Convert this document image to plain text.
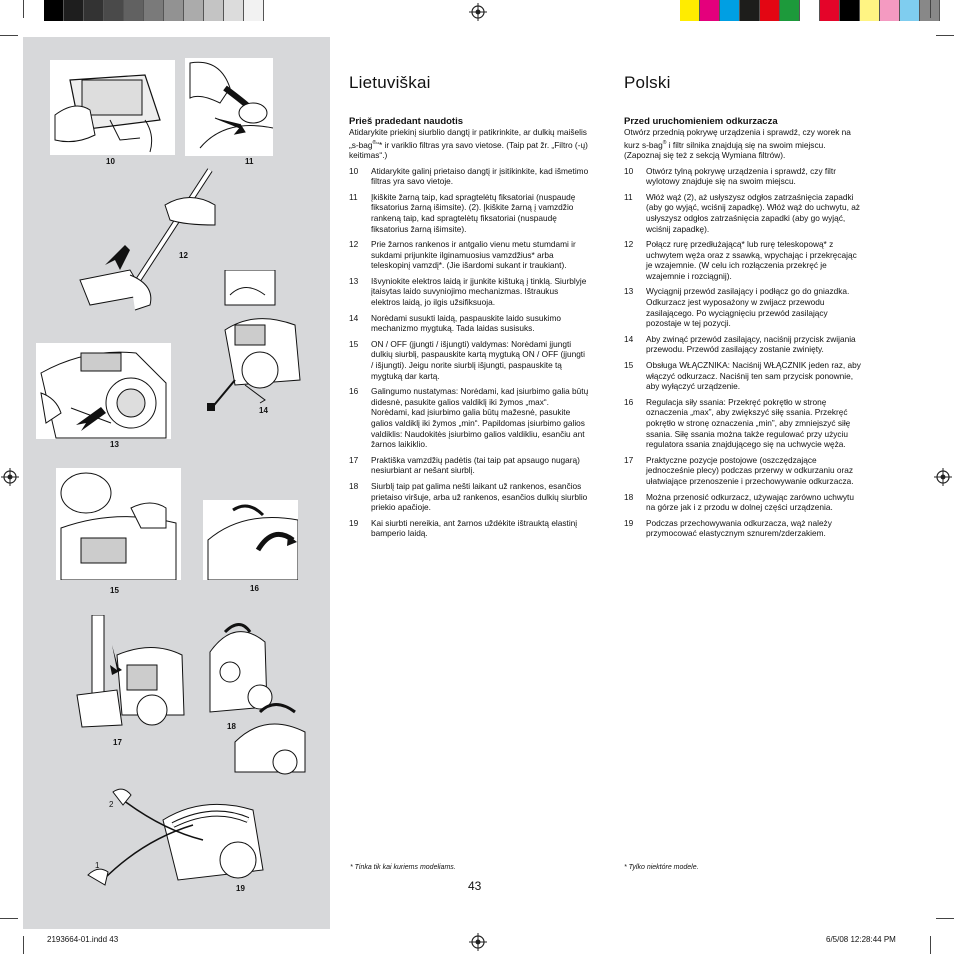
10	11
12
13
14
15	16
17
18
2
1
19
Lietuviškai
Prieš pradedant naudotis

Atidarykite priekinį siurblio dangtį ir patikrinkite, ar dulkių maišelis „s-bag®“* ir variklio filtras yra savo vietose. (Taip pat žr. „Filtro (-ų) keitimas“.)

10	Atidarykite galinį prietaiso dangtį ir įsitikinkite, kad išmetimo filtras yra savo vietoje.
11	Įkiškite žarną taip, kad spragtelėtų fiksatoriai (nuspaudę fiksatorius žarną išimsite). (2). Įkiškite žarną į vamzdžio rankeną taip, kad spragtelėtų fiksatoriai (nuspaudę fiksatorius žarną išimsite).
12	Prie žarnos rankenos ir antgalio vienu metu stumdami ir sukdami prijunkite ilginamuosius vamzdžius* arba teleskopinį vamzdį*. (Jie išardomi sukant ir traukiant).
13	Išvyniokite elektros laidą ir įjunkite kištuką į tinklą. Siurblyje įtaisytas laido suvyniojimo mechanizmas. Ištraukus elektros laidą, jo ilgis užsifiksuoja.
14	Norėdami susukti laidą, paspauskite laido susukimo mechanizmo mygtuką. Tada laidas susisuks.
15	ON / OFF (įjungti / išjungti) valdymas: Norėdami įjungti dulkių siurblį, paspauskite kartą mygtuką ON / OFF (įjungti / išjungti). Jeigu norite siurblį išjungti, paspauskite tą mygtuką dar kartą.
16	Galingumo nustatymas: Norėdami, kad įsiurbimo galia būtų didesnė, pasukite galios valdiklį iki žymos „max“. Norėdami, kad įsiurbimo galia būtų mažesnė, pasukite galios valdiklį iki žymos „min“. Papildomas įsiurbimo galios valdiklis: Naudokitės įsiurbimo galios valdikliu, esančiu ant žarnos laikiklio.
17	Praktiška vamzdžių padėtis (tai taip pat apsaugo nugarą) nesiurbiant ar nešant siurblį.
18	Siurblį taip pat galima nešti laikant už rankenos, esančios prietaiso viršuje, arba už rankenos, esančios dulkių siurblio priekio apačioje.
19	Kai siurbti nereikia, ant žarnos uždėkite ištrauktą elastinį bamperio laidą.
* Tinka tik kai kuriems modeliams.
Polski
Przed uruchomieniem odkurzacza

Otwórz przednią pokrywę urządzenia i sprawdź, czy worek na kurz s-bag® i filtr silnika znajdują się na swoim miejscu. (Zapoznaj się też z sekcją Wymiana filtrów).

10	Otwórz tylną pokrywę urządzenia i sprawdź, czy filtr wylotowy znajduje się na swoim miejscu.
11	Włóż wąż (2), aż usłyszysz odgłos zatrzaśnięcia zapadki (aby go wyjąć, wciśnij zapadkę). Włóż wąż do uchwytu, aż usłyszysz odgłos zatrzaśnięcia zapadki (aby go wyjąć, wciśnij zapadkę).
12	Połącz rurę przedłużającą* lub rurę teleskopową* z uchwytem węża oraz z ssawką, wpychając i przekręcając je wzajemnie. (W celu ich rozłączenia przekręć je wzajemnie i rozciągnij).
13	Wyciągnij przewód zasilający i podłącz go do gniazdka. Odkurzacz jest wyposażony w zwijacz przewodu zasilającego. Po wyciągnięciu przewód zasilający pozostaje w tej pozycji.
14	Aby zwinąć przewód zasilający, naciśnij przycisk zwijania przewodu. Przewód zasilający zostanie zwinięty.
15	Obsługa WŁĄCZNIKA: Naciśnij WŁĄCZNIK jeden raz, aby włączyć odkurzacz. Naciśnij ten sam przycisk ponownie, aby wyłączyć urządzenie.
16	Regulacja siły ssania: Przekręć pokrętło w stronę oznaczenia „max”, aby zwiększyć siłę ssania. Przekręć pokrętło w stronę oznaczenia „min”, aby zmniejszyć siłę ssania. Siłę ssania można także regulować przy użyciu regulatora ssania znajdującego się na uchwycie węża.
17	Praktyczne pozycje postojowe (oszczędzające jednocześnie plecy) podczas przerwy w odkurzaniu oraz ułatwiające przenoszenie i przechowywanie odkurzacza.
18	Można przenosić odkurzacz, używając zarówno uchwytu na górze jak i z przodu w dolnej części urządzenia.
19	Podczas przechowywania odkurzacza, wąż należy przymocować elastycznym sznurem/zderzakiem.
* Tylko niektóre modele.
43
2193664-01.indd 43	6/5/08 12:28:44 PM
